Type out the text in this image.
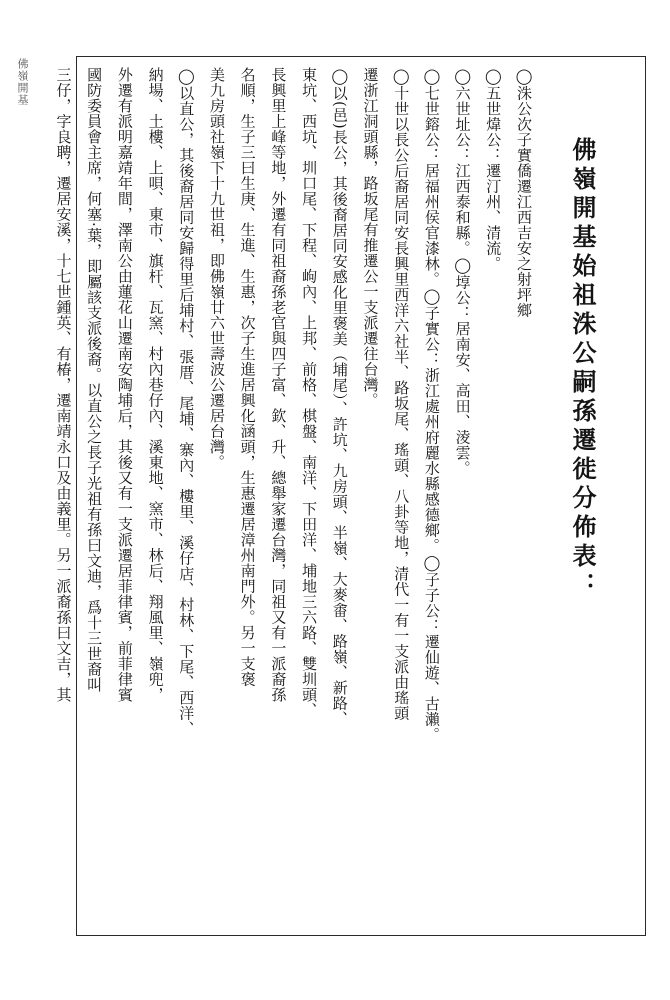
佛嶺開基
佛嶺開基始祖洙公嗣孫遷徙分佈表：
◯洙公次子實僑遷江西吉安之射坪鄉
◯五世煒公：遷汀州、清流。
◯六世址公：江西泰和縣。◯埻公：居南安、高田、淩雲。
◯七世鎔公：居福州侯官漆林。◯子實公：浙江處州府麗水縣感德鄉。◯子子公：遷仙遊、古瀨。
◯十世以長公后裔居同安長興里西洋六社半、路坂尾、瑤頭、八卦等地，清代一有一支派由瑤頭
遷浙江洞頭縣，路坂尾有推遷公一支派遷往台灣。
◯以(邑)長公，其後裔居同安感化里褒美（埔尾）、許坑、九房頭、半嶺、大麥畬、路嶺、新路、
東坑、西坑、圳口尾、下程、岣內、上邦、前格、棋盤、南洋、下田洋、埔地三六路、雙圳頭、
長興里上峰等地，外遷有同祖裔孫老官與四子富、欽、升、總舉家遷台灣，同祖又有一派裔孫
名順，生子三曰生庚、生進、生惠，次子生進居興化涵頭，生惠遷居漳州南門外。另一支褒
美九房頭社嶺下十九世祖，即佛嶺廿六世壽波公遷居台灣。
◯以直公，其後裔居同安歸得里后埔村、張厝、尾埔、寨內、樓里、溪仔店、村林、下尾、西洋、
納場、土樓、上唄、東市、旗杆、瓦窯、村內巷仔內、溪東地、窯市、林后、翔風里、嶺兜，
外遷有派明嘉靖年間，澤南公由蓮花山遷南安陶埔后，其後又有一支派遷居菲律賓，前菲律賓
國防委員會主席，何塞·葉，即屬該支派後裔。以直公之長子光祖有孫曰文迪，爲十三世裔叫
三仔，字良聘，遷居安溪，十七世鍾英、有椿，遷南靖永口及由義里。另一派裔孫曰文吉，其
